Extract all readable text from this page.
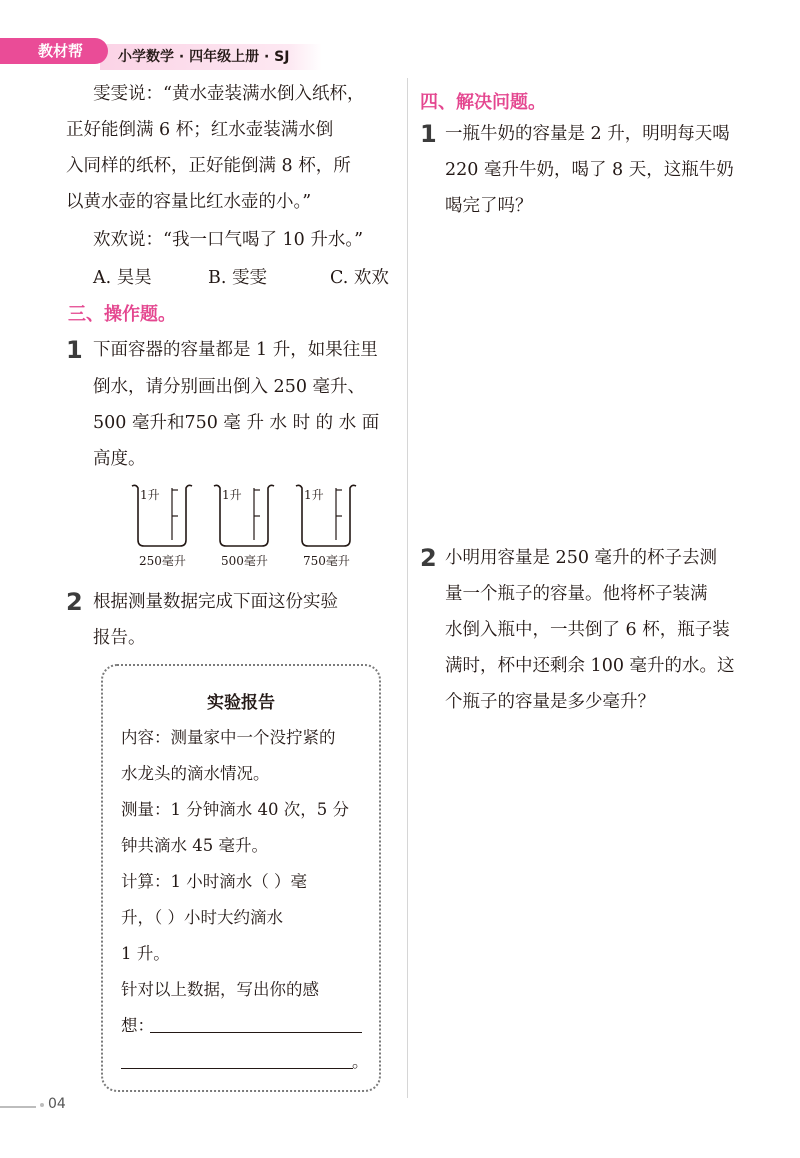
教材帮	小学数学 · 四年级上册 · SJ
雯雯说：“黄水壶装满水倒入纸杯，
正好能倒满 6 杯；红水壶装满水倒
入同样的纸杯，正好能倒满 8 杯，所
以黄水壶的容量比红水壶的小。”
欢欢说：“我一口气喝了 10 升水。”
A. 昊昊	B. 雯雯	C. 欢欢
三、操作题。
1 下面容器的容量都是 1 升，如果往里
倒水，请分别画出倒入 250 毫升、
500 毫升和750 毫 升 水 时 的 水 面
高度。
1升	1升	1升
250毫升	500毫升	750毫升
2 根据测量数据完成下面这份实验
报告。
实验报告
内容：测量家中一个没拧紧的
水龙头的滴水情况。
测量：1 分钟滴水 40 次，5 分
钟共滴水 45 毫升。
计算：1 小时滴水（ ）毫
升，（ ）小时大约滴水
1 升。
针对以上数据，写出你的感
想：
。
四、解决问题。
1 一瓶牛奶的容量是 2 升，明明每天喝
220 毫升牛奶，喝了 8 天，这瓶牛奶
喝完了吗？
2 小明用容量是 250 毫升的杯子去测
量一个瓶子的容量。他将杯子装满
水倒入瓶中，一共倒了 6 杯，瓶子装
满时，杯中还剩余 100 毫升的水。这
个瓶子的容量是多少毫升？
04
